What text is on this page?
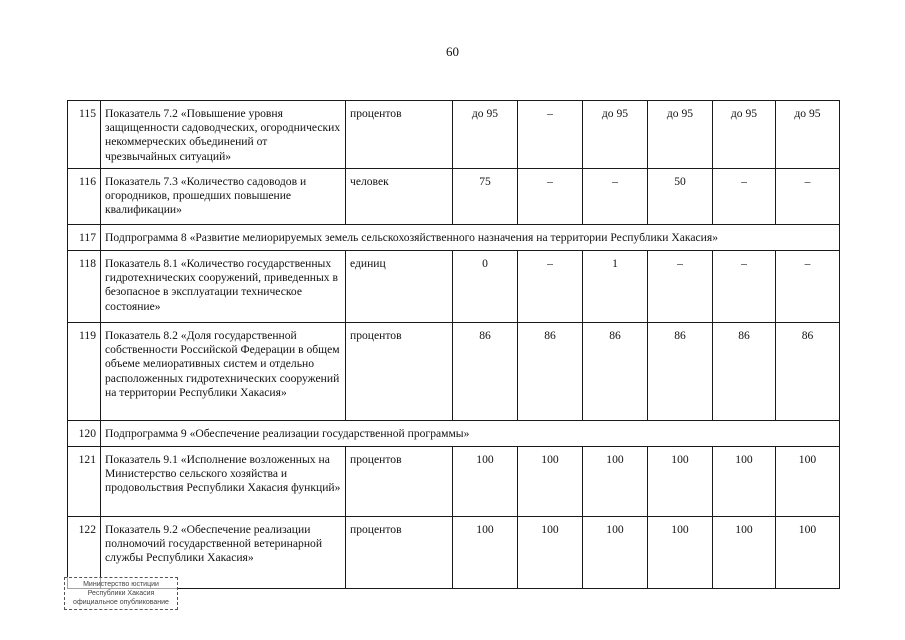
60
115	Показатель 7.2 «Повышение уровня защищенности садоводческих, огороднических некоммерческих объединений от чрезвычайных ситуаций»	процентов	до 95	–	до 95	до 95	до 95	до 95
116	Показатель 7.3 «Количество садоводов и огородников, прошедших повышение квалификации»	человек	75	–	–	50	–	–
117	Подпрограмма 8 «Развитие мелиорируемых земель сельскохозяйственного назначения на территории Республики Хакасия»							
118	Показатель 8.1 «Количество государственных гидротехнических сооружений, приведенных в безопасное в эксплуатации техническое состояние»	единиц	0	–	1	–	–	–
119	Показатель 8.2 «Доля государственной собственности Российской Федерации в общем объеме мелиоративных систем и отдельно расположенных гидротехнических сооружений на территории Республики Хакасия»	процентов	86	86	86	86	86	86
120	Подпрограмма 9 «Обеспечение реализации государственной программы»							
121	Показатель 9.1 «Исполнение возложенных на Министерство сельского хозяйства и продовольствия Республики Хакасия функций»	процентов	100	100	100	100	100	100
122	Показатель 9.2 «Обеспечение реализации полномочий государственной ветеринарной службы Республики Хакасия»	процентов	100	100	100	100	100	100
Министерство юстиции
Республики Хакасия
официальное опубликование
